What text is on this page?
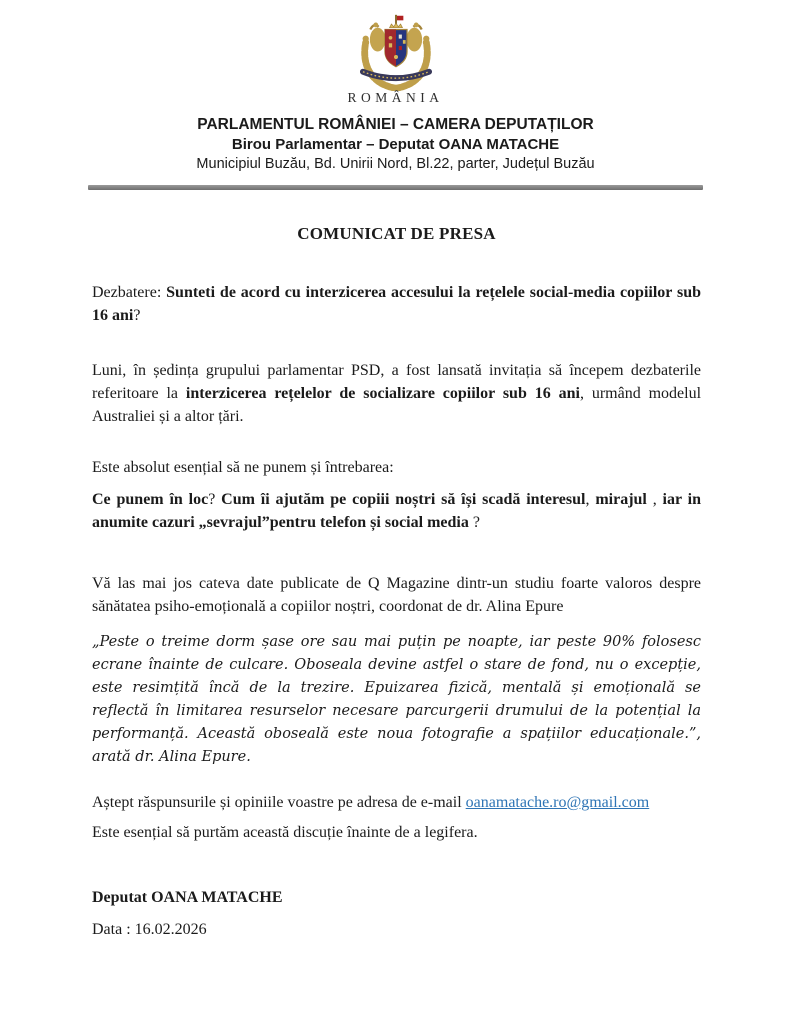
ROMÂNIA
PARLAMENTUL ROMÂNIEI – CAMERA DEPUTAȚILOR
Birou Parlamentar – Deputat OANA MATACHE
Municipiul Buzău, Bd. Unirii Nord, Bl.22, parter, Județul Buzău
COMUNICAT DE PRESA

Dezbatere: Sunteti de acord cu interzicerea accesului la rețelele social-media copiilor sub 16 ani?

Luni, în ședința grupului parlamentar PSD, a fost lansată invitația să începem dezbaterile referitoare la interzicerea rețelelor de socializare copiilor sub 16 ani, urmând modelul Australiei și a altor țări.

Este absolut esențial să ne punem și întrebarea:

Ce punem în loc? Cum îi ajutăm pe copiii noștri să își scadă interesul, mirajul , iar in anumite cazuri „sevrajul”pentru telefon și social media ?

Vă las mai jos cateva date publicate de Q Magazine dintr-un studiu foarte valoros despre sănătatea psiho-emoțională a copiilor noștri, coordonat de dr. Alina Epure

„Peste o treime dorm șase ore sau mai puțin pe noapte, iar peste 90% folosesc ecrane înainte de culcare. Oboseala devine astfel o stare de fond, nu o excepție, este resimțită încă de la trezire. Epuizarea fizică, mentală și emoțională se reflectă în limitarea resurselor necesare parcurgerii drumului de la potențial la performanță. Această oboseală este noua fotografie a spațiilor educaționale.”, arată dr. Alina Epure.

Aștept răspunsurile și opiniile voastre pe adresa de e-mail oanamatache.ro@gmail.com

Este esențial să purtăm această discuție înainte de a legifera.

Deputat OANA MATACHE

Data : 16.02.2026
